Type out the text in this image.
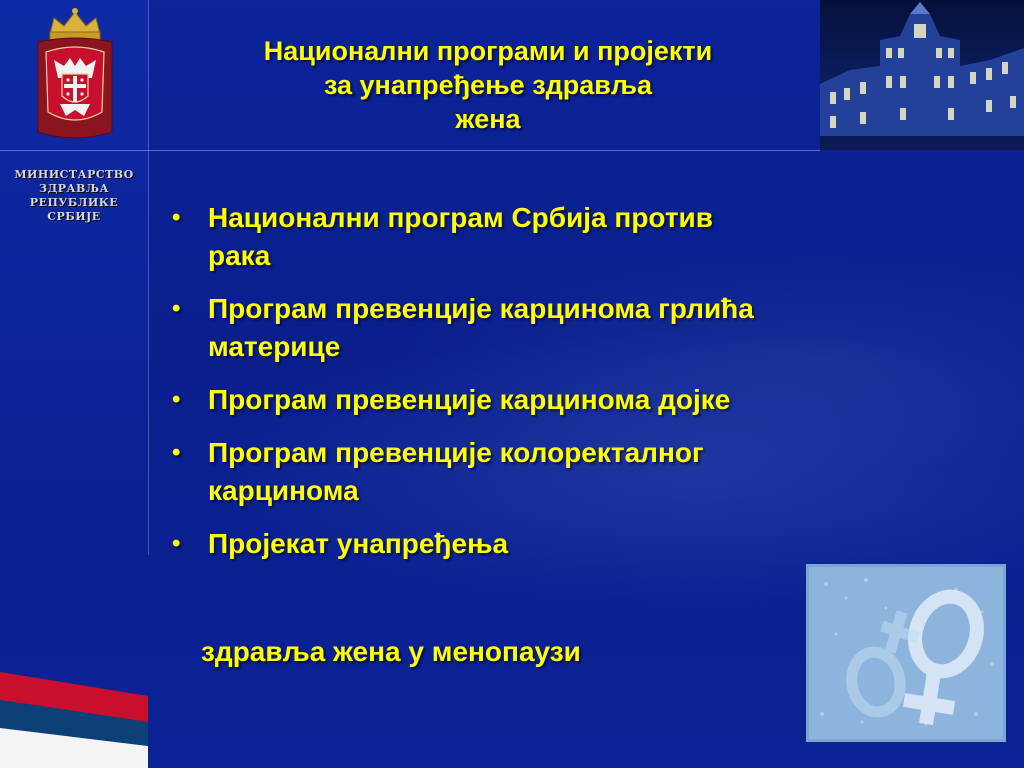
МИНИСТАРСТВО
ЗДРАВЉА
РЕПУБЛИКЕ
СРБИЈЕ
Национални програми и пројекти
за унапређење здравља
жена
• Национални програм Србија против
рака
• Програм превенције карцинома грлића
материце
• Програм превенције карцинома дојке
• Програм превенције колоректалног
карцинома
• Пројекат унапређења
здравља жена у менопаузи
